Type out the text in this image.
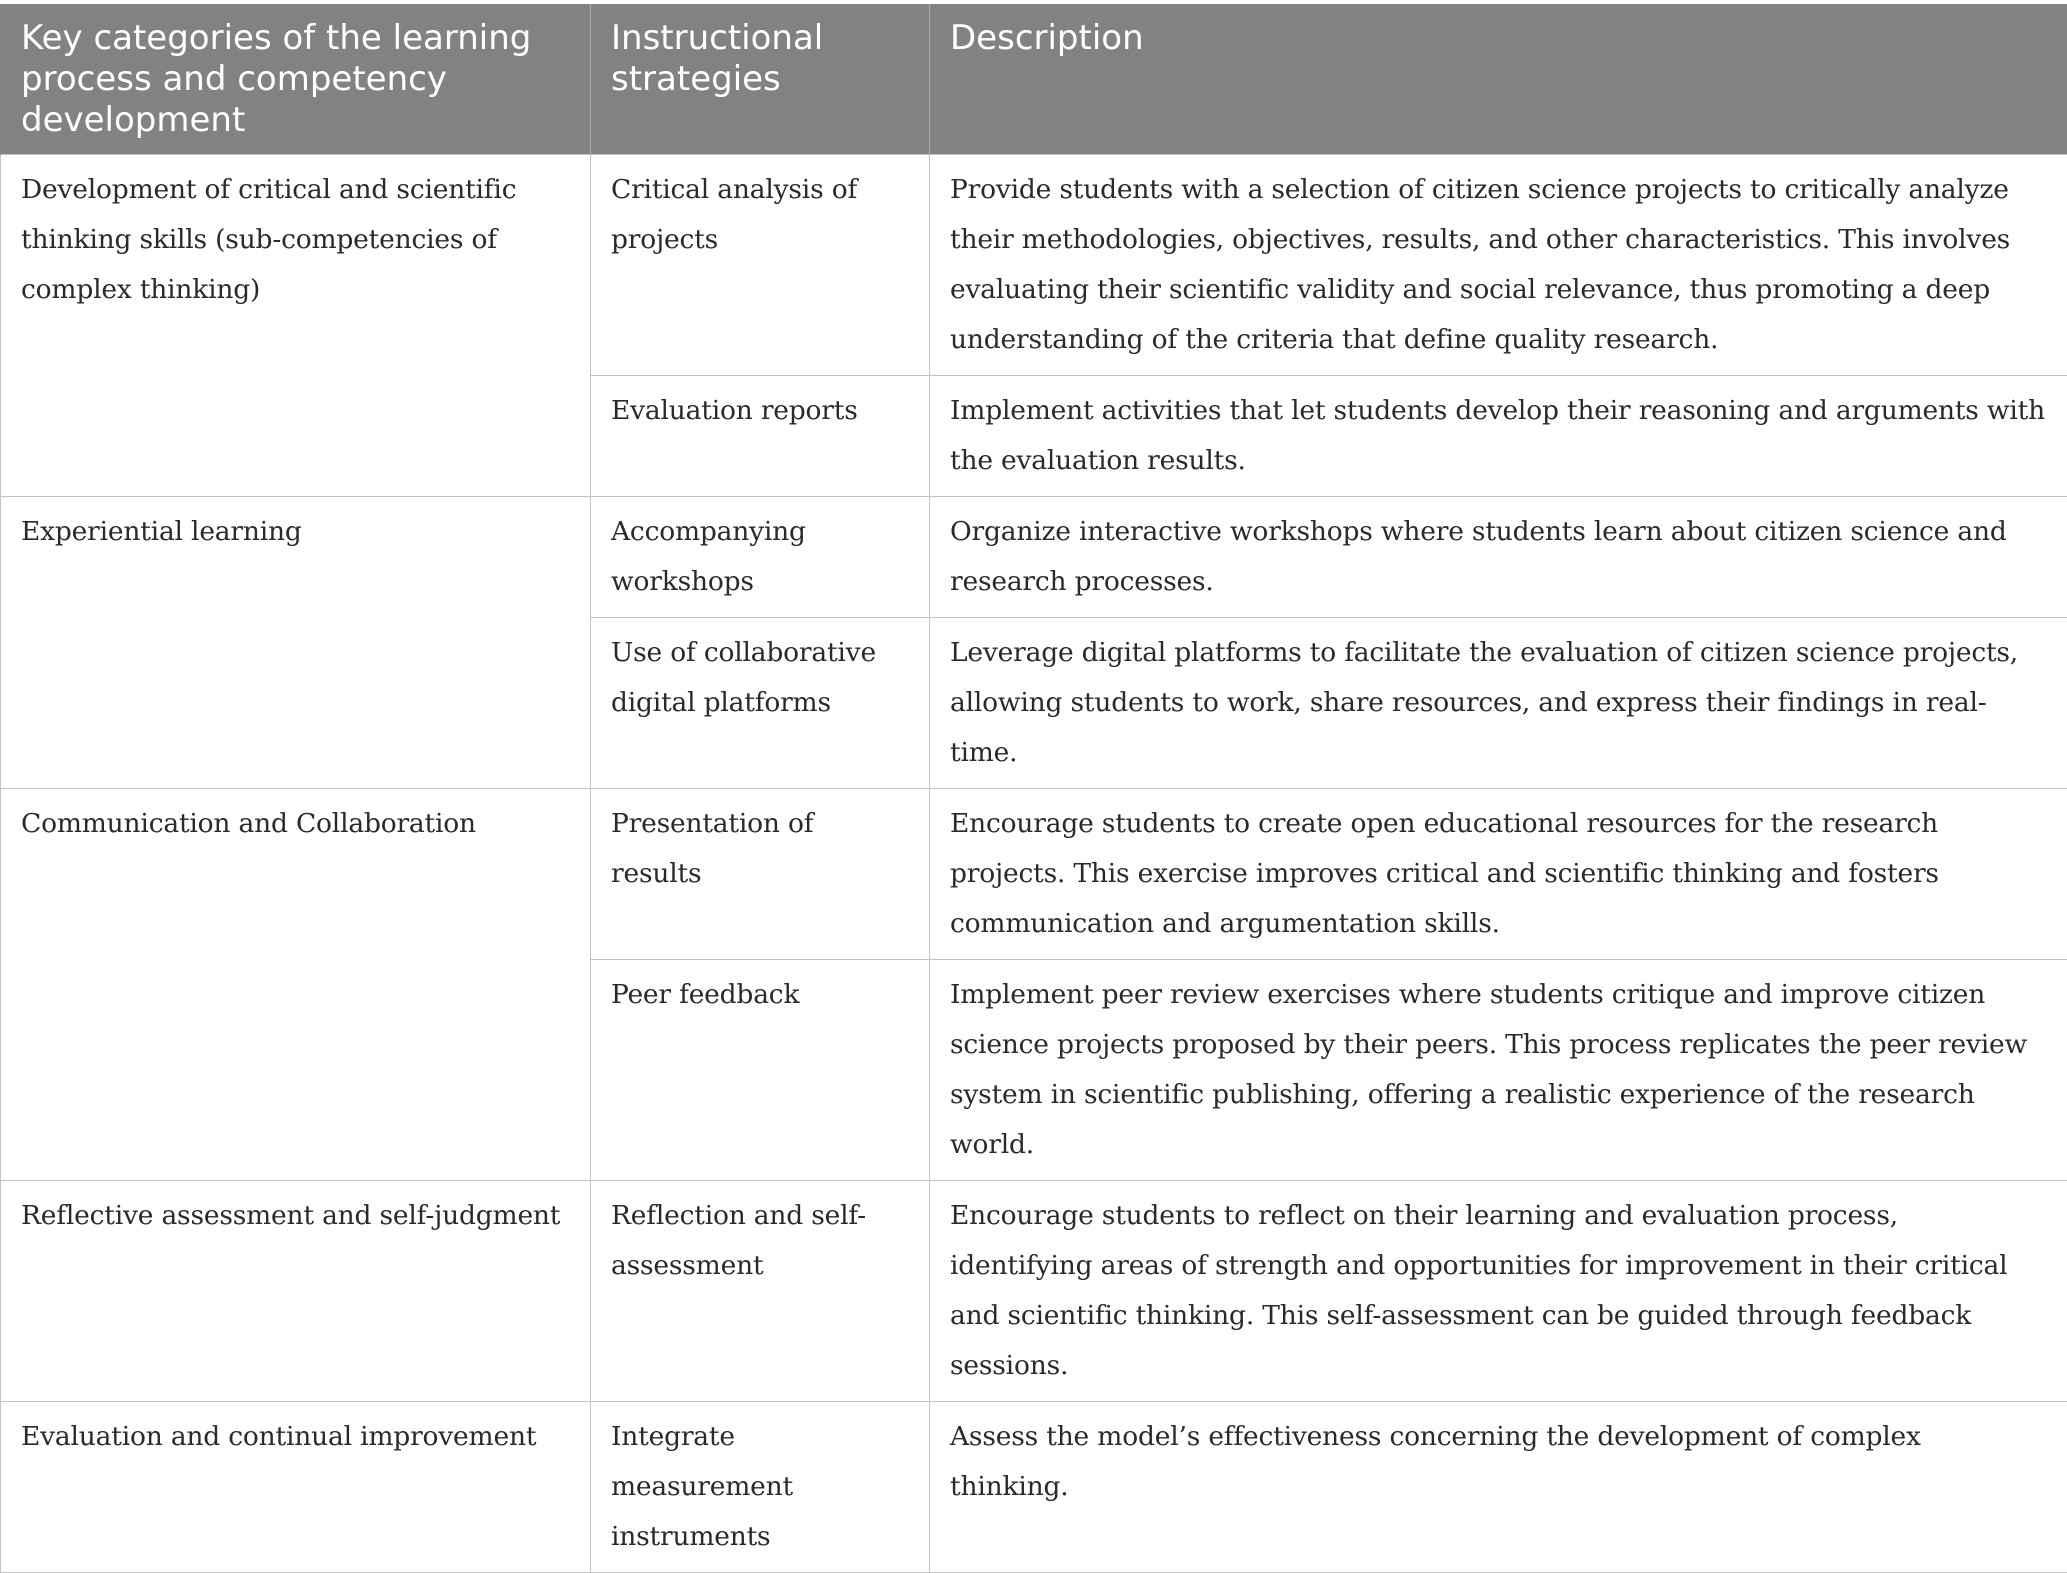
Key categories of the learning process and competency development	Instructional strategies	Description
Development of critical and scientific thinking skills (sub-competencies of complex thinking)	Critical analysis of projects	Provide students with a selection of citizen science projects to critically analyze their methodologies, objectives, results, and other characteristics. This involves evaluating their scientific validity and social relevance, thus promoting a deep understanding of the criteria that define quality research.
	Evaluation reports	Implement activities that let students develop their reasoning and arguments with the evaluation results.
Experiential learning	Accompanying workshops	Organize interactive workshops where students learn about citizen science and research processes.
	Use of collaborative digital platforms	Leverage digital platforms to facilitate the evaluation of citizen science projects, allowing students to work, share resources, and express their findings in real-time.
Communication and Collaboration	Presentation of results	Encourage students to create open educational resources for the research projects. This exercise improves critical and scientific thinking and fosters communication and argumentation skills.
	Peer feedback	Implement peer review exercises where students critique and improve citizen science projects proposed by their peers. This process replicates the peer review system in scientific publishing, offering a realistic experience of the research world.
Reflective assessment and self-judgment	Reflection and self-assessment	Encourage students to reflect on their learning and evaluation process, identifying areas of strength and opportunities for improvement in their critical and scientific thinking. This self-assessment can be guided through feedback sessions.
Evaluation and continual improvement	Integrate measurement instruments	Assess the model’s effectiveness concerning the development of complex thinking.
